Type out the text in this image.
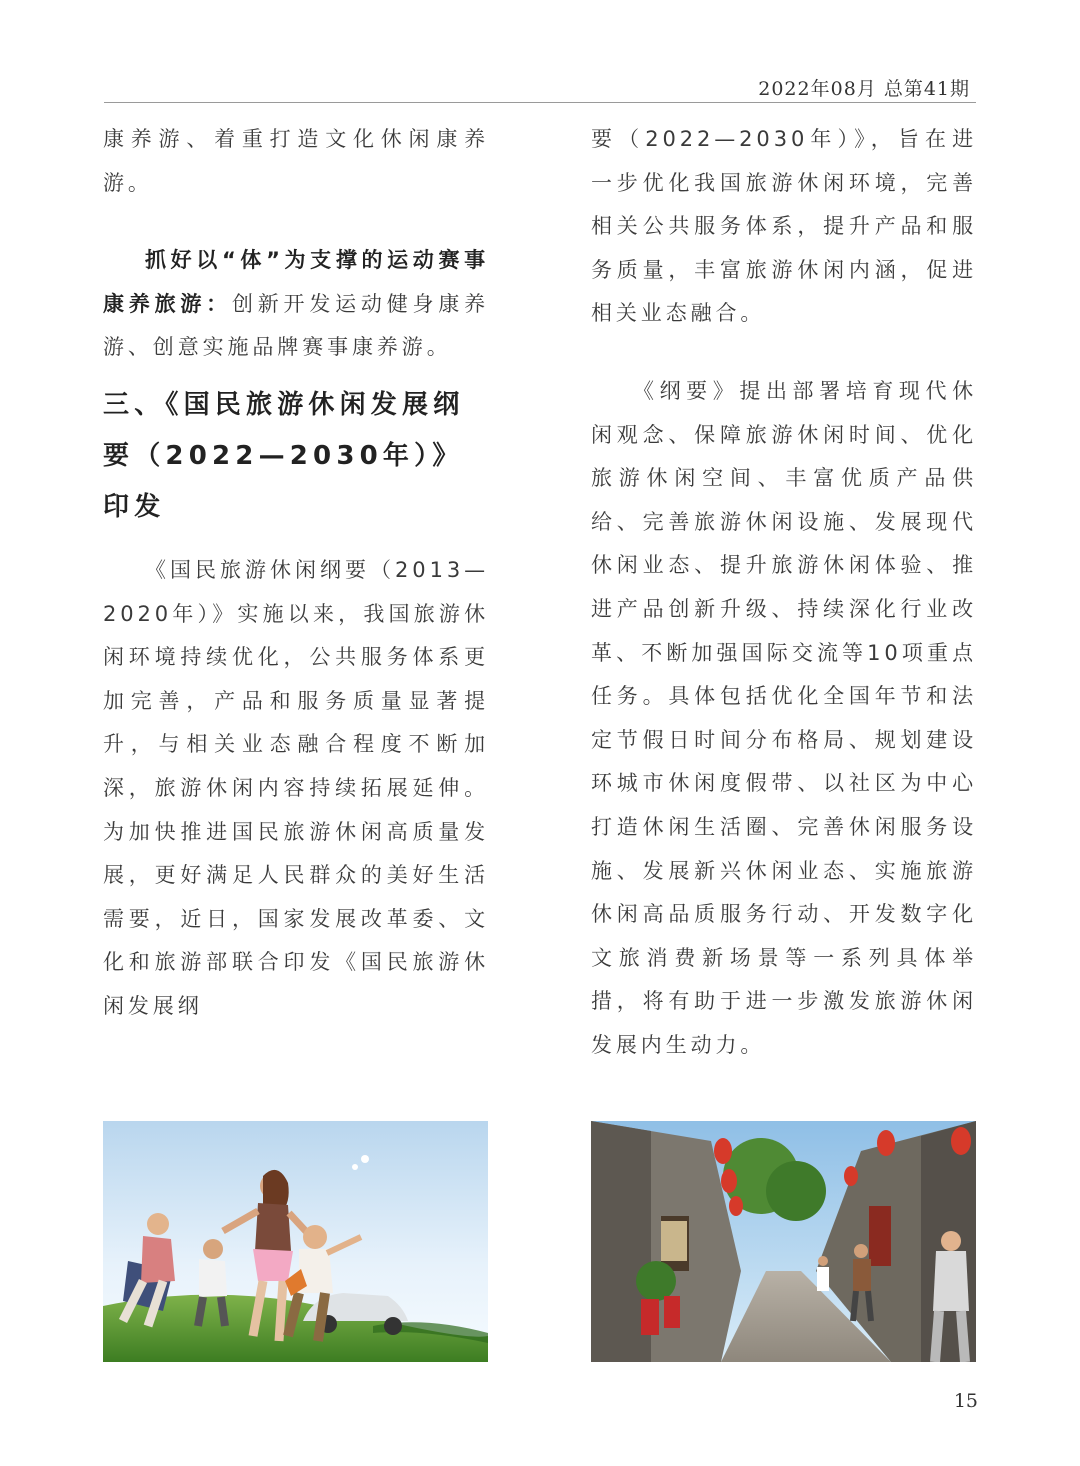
2022年08月 总第41期

康养游、着重打造文化休闲康养游。

抓好以“体”为支撑的运动赛事康养旅游：创新开发运动健身康养游、创意实施品牌赛事康养游。

三、《国民旅游休闲发展纲要（2022—2030年）》印发

《国民旅游休闲纲要（2013—2020年）》实施以来，我国旅游休闲环境持续优化，公共服务体系更加完善，产品和服务质量显著提升，与相关业态融合程度不断加深，旅游休闲内容持续拓展延伸。为加快推进国民旅游休闲高质量发展，更好满足人民群众的美好生活需要，近日，国家发展改革委、文化和旅游部联合印发《国民旅游休闲发展纲

要（2022—2030年）》，旨在进一步优化我国旅游休闲环境，完善相关公共服务体系，提升产品和服务质量，丰富旅游休闲内涵，促进相关业态融合。

《纲要》提出部署培育现代休闲观念、保障旅游休闲时间、优化旅游休闲空间、丰富优质产品供给、完善旅游休闲设施、发展现代休闲业态、提升旅游休闲体验、推进产品创新升级、持续深化行业改革、不断加强国际交流等10项重点任务。具体包括优化全国年节和法定节假日时间分布格局、规划建设环城市休闲度假带、以社区为中心打造休闲生活圈、完善休闲服务设施、发展新兴休闲业态、实施旅游休闲高品质服务行动、开发数字化文旅消费新场景等一系列具体举措，将有助于进一步激发旅游休闲发展内生动力。

15
